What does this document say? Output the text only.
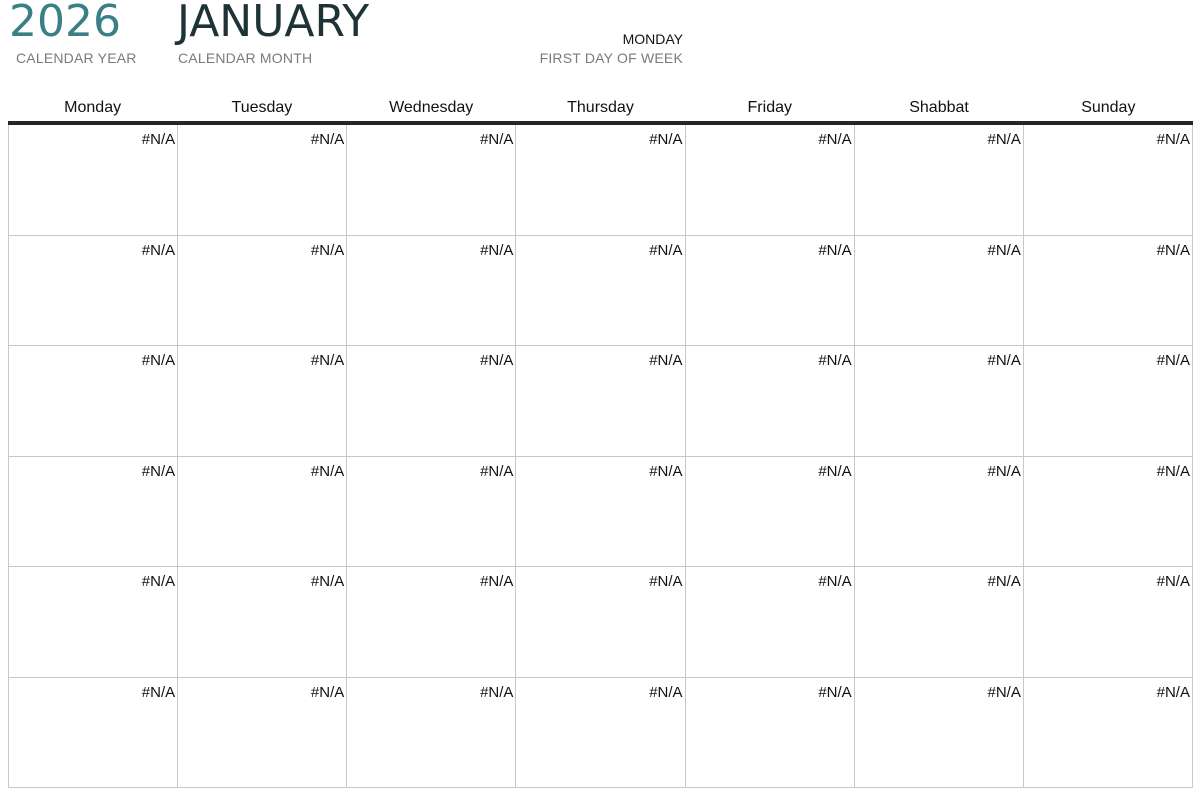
2026
CALENDAR YEAR
JANUARY
CALENDAR MONTH
MONDAY
FIRST DAY OF WEEK
Monday	Tuesday	Wednesday	Thursday	Friday	Shabbat	Sunday
#N/A	#N/A	#N/A	#N/A	#N/A	#N/A	#N/A
#N/A	#N/A	#N/A	#N/A	#N/A	#N/A	#N/A
#N/A	#N/A	#N/A	#N/A	#N/A	#N/A	#N/A
#N/A	#N/A	#N/A	#N/A	#N/A	#N/A	#N/A
#N/A	#N/A	#N/A	#N/A	#N/A	#N/A	#N/A
#N/A	#N/A	#N/A	#N/A	#N/A	#N/A	#N/A
